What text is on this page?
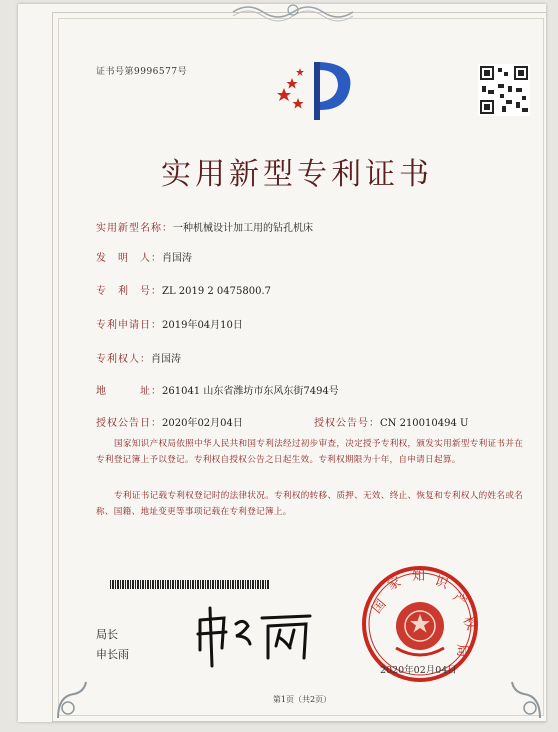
证书号第9996577号
实用新型专利证书
实用新型名称：一种机械设计加工用的钻孔机床
发　明　人：肖国涛
专　利　号：ZL 2019 2 0475800.7
专利申请日：2019年04月10日
专利权人：肖国涛
地　　　址：261041 山东省潍坊市东风东街7494号
授权公告日：2020年02月04日	授权公告号：CN 210010494 U
国家知识产权局依照中华人民共和国专利法经过初步审查，决定授予专利权，颁发实用新型专利证书并在专利登记簿上予以登记。专利权自授权公告之日起生效。专利权期限为十年，自申请日起算。
专利证书记载专利权登记时的法律状况。专利权的转移、质押、无效、终止、恢复和专利权人的姓名或名称、国籍、地址变更等事项记载在专利登记簿上。
局长
申长雨
国
家 知 识
产
权
局
2020年02月04日
第1页（共2页）
